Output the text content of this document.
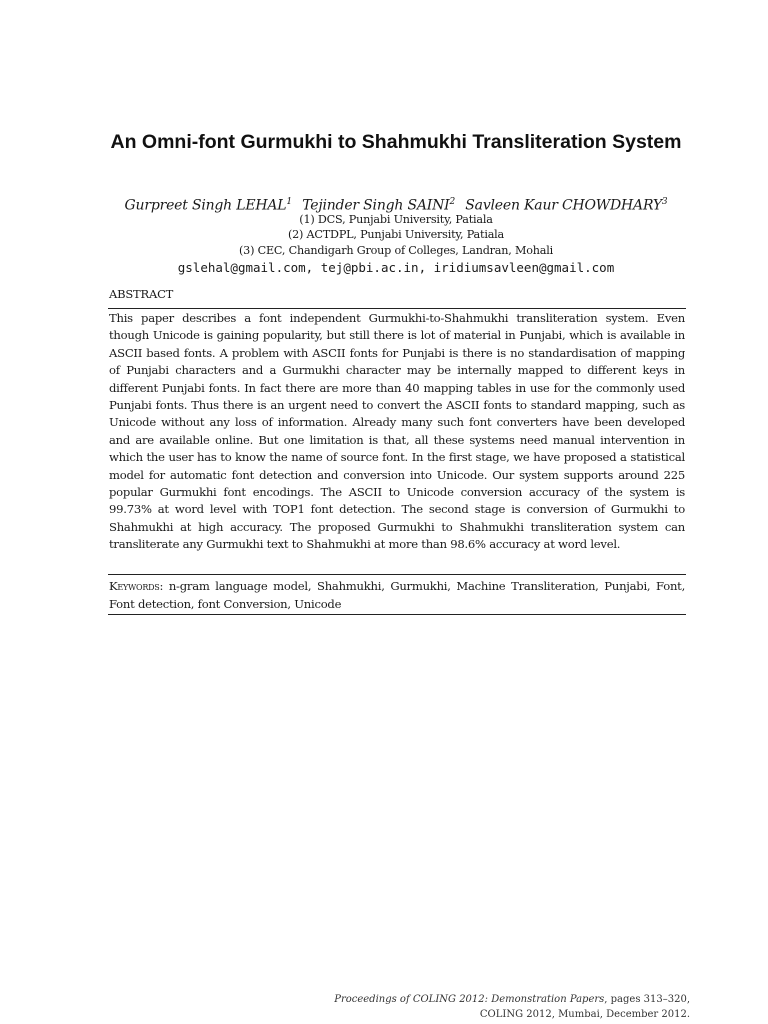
An Omni-font Gurmukhi to Shahmukhi Transliteration System
Gurpreet Singh LEHAL$^1$ Tejinder Singh SAINI$^2$ Savleen Kaur CHOWDHARY$^3$
(1) DCS, Punjabi University, Patiala
(2) ACTDPL, Punjabi University, Patiala
(3) CEC, Chandigarh Group of Colleges, Landran, Mohali
gslehal@gmail.com, tej@pbi.ac.in, iridiumsavleen@gmail.com
ABSTRACT
This paper describes a font independent Gurmukhi-to-Shahmukhi transliteration system. Even though Unicode is gaining popularity, but still there is lot of material in Punjabi, which is available in ASCII based fonts. A problem with ASCII fonts for Punjabi is there is no standardisation of mapping of Punjabi characters and a Gurmukhi character may be internally mapped to different keys in different Punjabi fonts. In fact there are more than 40 mapping tables in use for the commonly used Punjabi fonts. Thus there is an urgent need to convert the ASCII fonts to standard mapping, such as Unicode without any loss of information. Already many such font converters have been developed and are available online. But one limitation is that, all these systems need manual intervention in which the user has to know the name of source font. In the first stage, we have proposed a statistical model for automatic font detection and conversion into Unicode. Our system supports around 225 popular Gurmukhi font encodings. The ASCII to Unicode conversion accuracy of the system is 99.73% at word level with TOP1 font detection. The second stage is conversion of Gurmukhi to Shahmukhi at high accuracy. The proposed Gurmukhi to Shahmukhi transliteration system can transliterate any Gurmukhi text to Shahmukhi at more than 98.6% accuracy at word level.
Keywords: n-gram language model, Shahmukhi, Gurmukhi, Machine Transliteration, Punjabi, Font, Font detection, font Conversion, Unicode
Proceedings of COLING 2012: Demonstration Papers, pages 313–320,
COLING 2012, Mumbai, December 2012.
